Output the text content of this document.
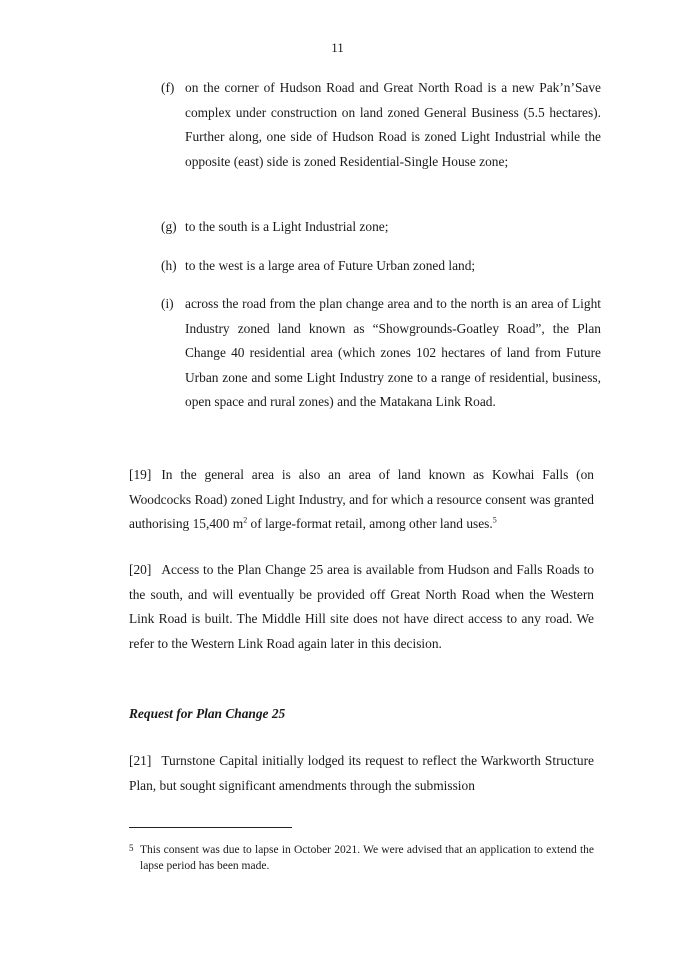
11
(f) on the corner of Hudson Road and Great North Road is a new Pak’n’Save complex under construction on land zoned General Business (5.5 hectares). Further along, one side of Hudson Road is zoned Light Industrial while the opposite (east) side is zoned Residential-Single House zone;
(g) to the south is a Light Industrial zone;
(h) to the west is a large area of Future Urban zoned land;
(i) across the road from the plan change area and to the north is an area of Light Industry zoned land known as “Showgrounds-Goatley Road”, the Plan Change 40 residential area (which zones 102 hectares of land from Future Urban zone and some Light Industry zone to a range of residential, business, open space and rural zones) and the Matakana Link Road.
[19] In the general area is also an area of land known as Kowhai Falls (on Woodcocks Road) zoned Light Industry, and for which a resource consent was granted authorising 15,400 $m^2$ of large-format retail, among other land uses.$^5$
[20] Access to the Plan Change 25 area is available from Hudson and Falls Roads to the south, and will eventually be provided off Great North Road when the Western Link Road is built. The Middle Hill site does not have direct access to any road. We refer to the Western Link Road again later in this decision.
Request for Plan Change 25
[21] Turnstone Capital initially lodged its request to reflect the Warkworth Structure Plan, but sought significant amendments through the submission
5 This consent was due to lapse in October 2021. We were advised that an application to extend the lapse period has been made.
